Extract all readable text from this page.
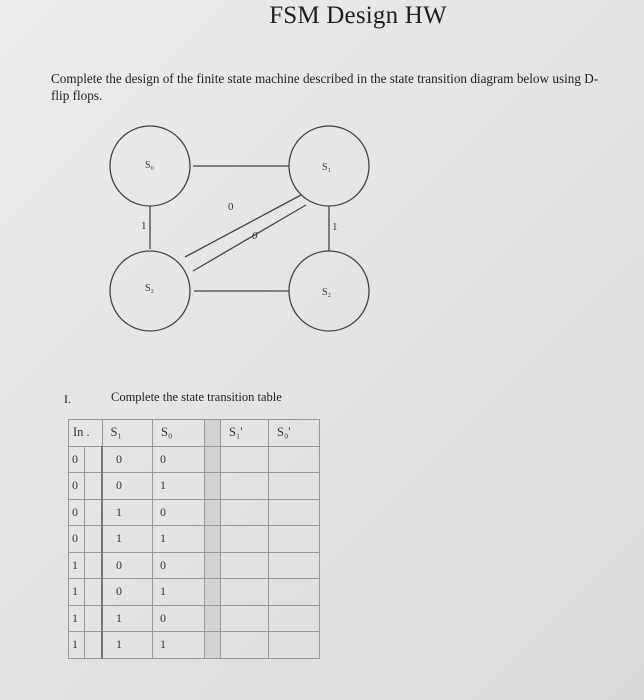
FSM Design HW
Complete the design of the finite state machine described in the state transition diagram below using D-flip flops.
S₀	S₁
S₃	S₂
1	1
0
0
I.	Complete the state transition table
In .		S₁	S₀		S₁'	S₀'
0		0	0			
0		0	1			
0		1	0			
0		1	1			
1		0	0			
1		0	1			
1		1	0			
1		1	1			
